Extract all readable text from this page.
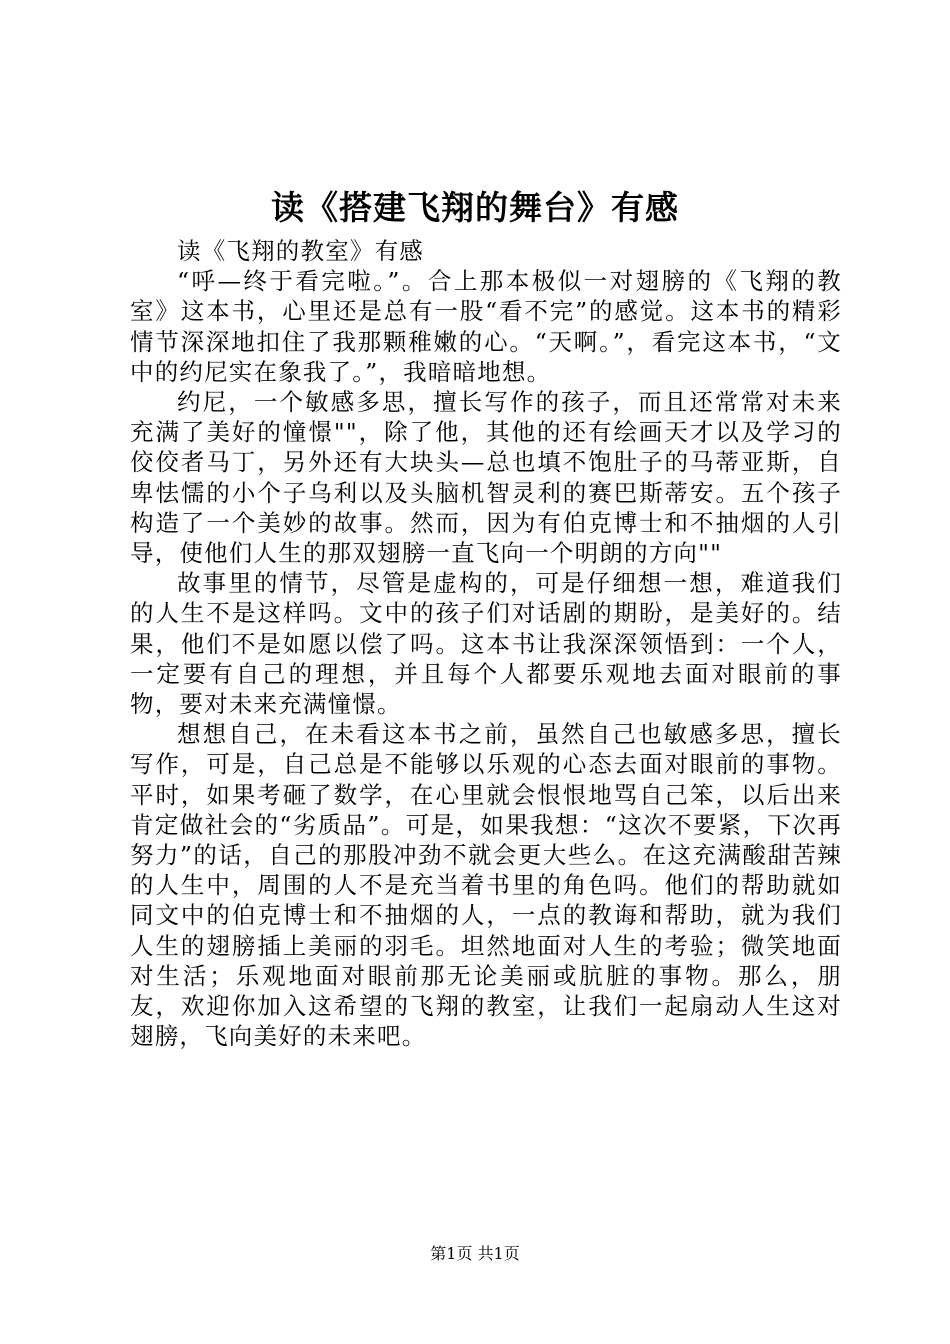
读《搭建飞翔的舞台》有感

读《飞翔的教室》有感

“呼—终于看完啦。”。合上那本极似一对翅膀的《飞翔的教室》这本书，心里还是总有一股“看不完”的感觉。这本书的精彩情节深深地扣住了我那颗稚嫩的心。“天啊。”，看完这本书，“文中的约尼实在象我了。”，我暗暗地想。

约尼，一个敏感多思，擅长写作的孩子，而且还常常对未来充满了美好的憧憬""，除了他，其他的还有绘画天才以及学习的佼佼者马丁，另外还有大块头—总也填不饱肚子的马蒂亚斯，自卑怯懦的小个子乌利以及头脑机智灵利的赛巴斯蒂安。五个孩子构造了一个美妙的故事。然而，因为有伯克博士和不抽烟的人引导，使他们人生的那双翅膀一直飞向一个明朗的方向""

故事里的情节，尽管是虚构的，可是仔细想一想，难道我们的人生不是这样吗。文中的孩子们对话剧的期盼，是美好的。结果，他们不是如愿以偿了吗。这本书让我深深领悟到：一个人，一定要有自己的理想，并且每个人都要乐观地去面对眼前的事物，要对未来充满憧憬。

想想自己，在未看这本书之前，虽然自己也敏感多思，擅长写作，可是，自己总是不能够以乐观的心态去面对眼前的事物。平时，如果考砸了数学，在心里就会恨恨地骂自己笨，以后出来肯定做社会的“劣质品”。可是，如果我想：“这次不要紧，下次再努力”的话，自己的那股冲劲不就会更大些么。在这充满酸甜苦辣的人生中，周围的人不是充当着书里的角色吗。他们的帮助就如同文中的伯克博士和不抽烟的人，一点的教诲和帮助，就为我们人生的翅膀插上美丽的羽毛。坦然地面对人生的考验；微笑地面对生活；乐观地面对眼前那无论美丽或肮脏的事物。那么，朋友，欢迎你加入这希望的飞翔的教室，让我们一起扇动人生这对翅膀，飞向美好的未来吧。

第1页 共1页
